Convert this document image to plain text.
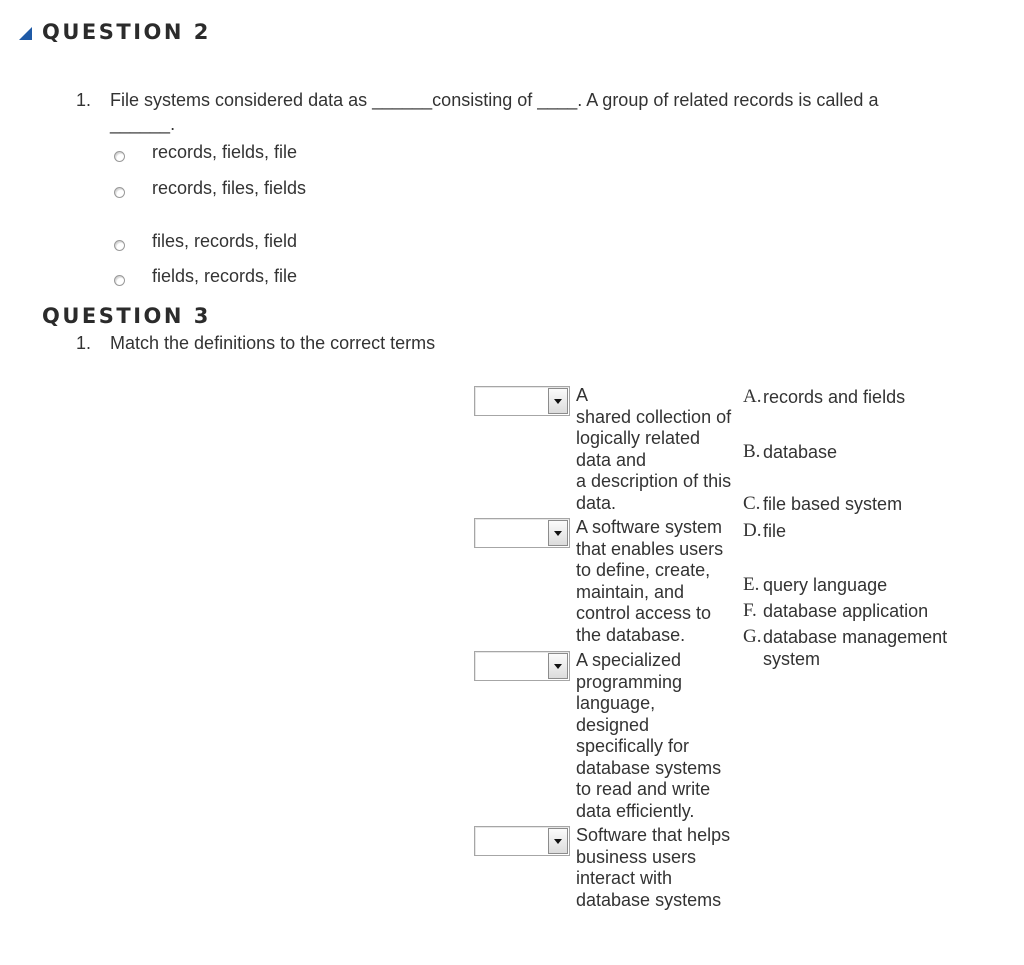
QUESTION 2
1. File systems considered data as ______consisting of ____. A group of related records is called a
______.
records, fields, file
records, files, fields
files, records, field
fields, records, file
QUESTION 3
1. Match the definitions to the correct terms
A
shared collection of
logically related
data and
a description of this
data.
A software system
that enables users
to define, create,
maintain, and
control access to
the database.
A specialized
programming
language,
designed
specifically for
database systems
to read and write
data efficiently.
Software that helps
business users
interact with
database systems
A. records and fields
B. database
C. file based system
D. file
E. query language
F. database application
G. database management
system
